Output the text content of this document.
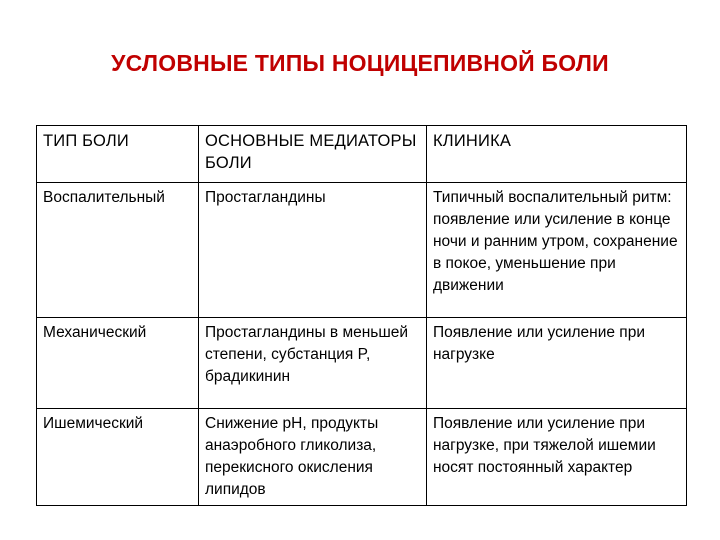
УСЛОВНЫЕ ТИПЫ НОЦИЦЕПИВНОЙ БОЛИ
ТИП БОЛИ	ОСНОВНЫЕ МЕДИАТОРЫ БОЛИ	КЛИНИКА
Воспалительный	Простагландины	Типичный воспалительный ритм: появление или усиление в конце ночи и ранним утром, сохранение в покое, уменьшение при движении
Механический	Простагландины в меньшей степени, субстанция P, брадикинин	Появление или усиление при нагрузке
Ишемический	Снижение рН, продукты анаэробного гликолиза, перекисного окисления липидов	Появление или усиление при нагрузке, при тяжелой ишемии носят постоянный характер
